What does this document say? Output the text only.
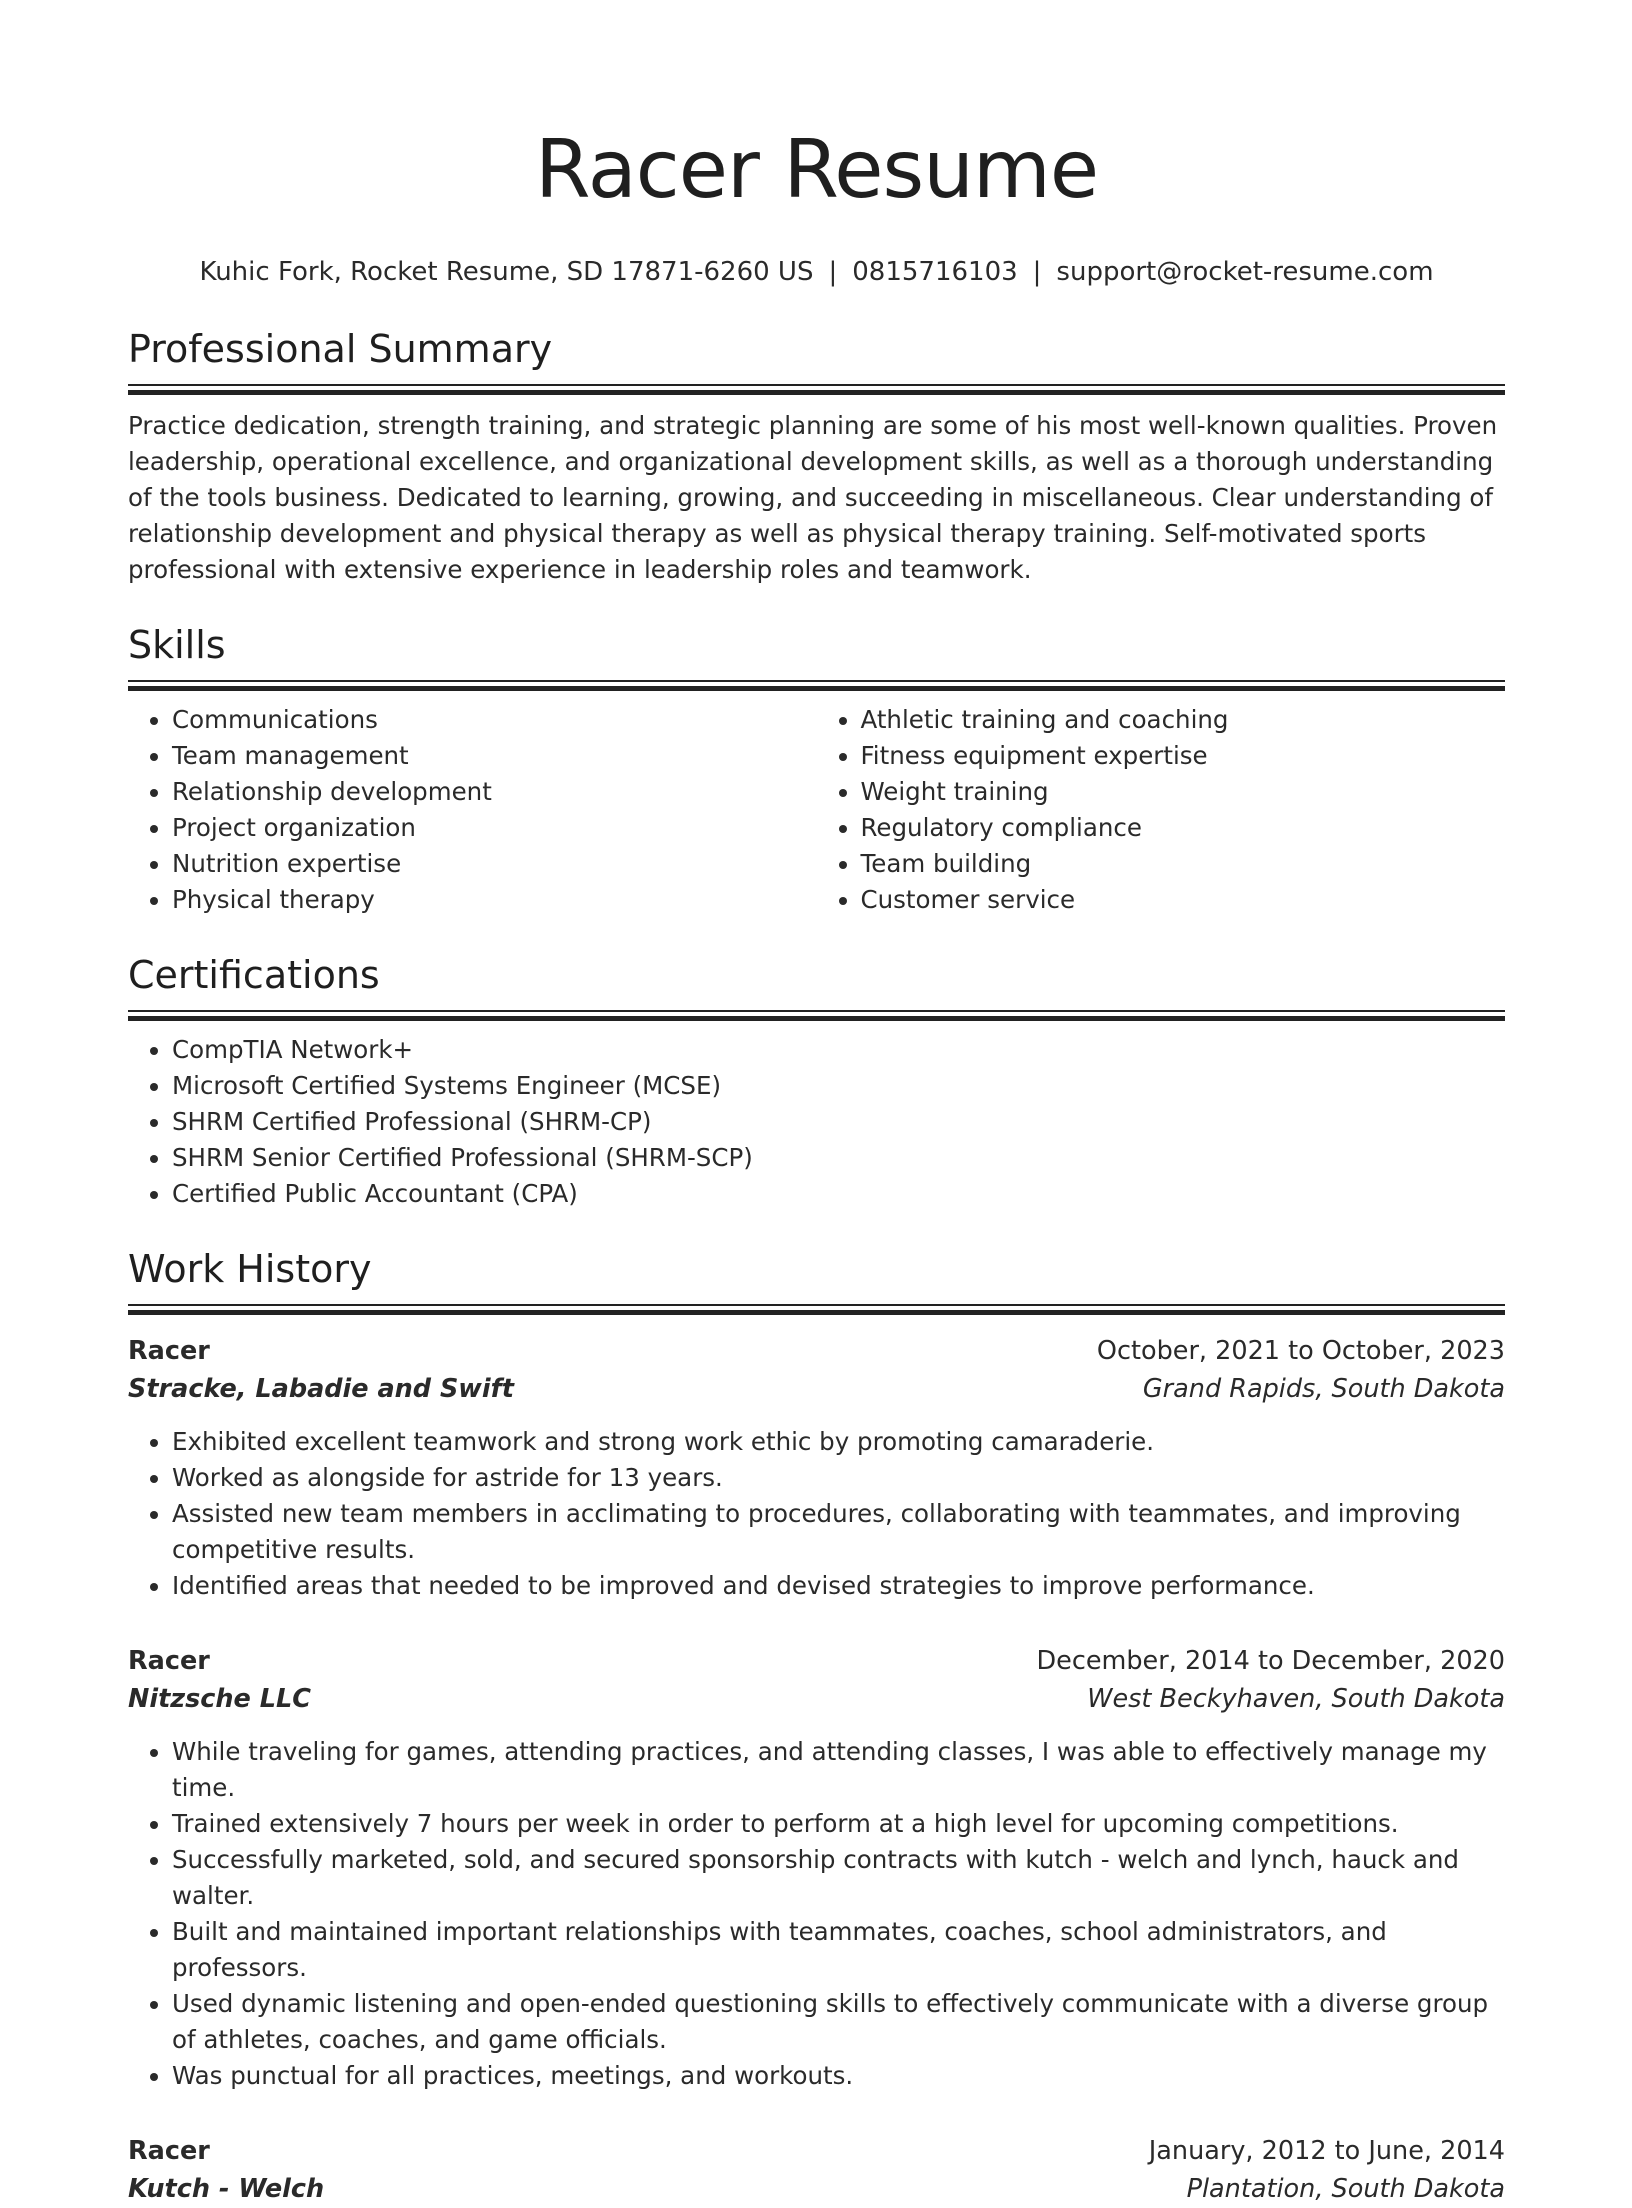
Racer Resume
Kuhic Fork, Rocket Resume, SD 17871-6260 US | 0815716103 | support@rocket-resume.com
Professional Summary

Practice dedication, strength training, and strategic planning are some of his most well-known qualities. Proven leadership, operational excellence, and organizational development skills, as well as a thorough understanding of the tools business. Dedicated to learning, growing, and succeeding in miscellaneous. Clear understanding of relationship development and physical therapy as well as physical therapy training. Self-motivated sports professional with extensive experience in leadership roles and teamwork.

Skills
• Communications
• Team management
• Relationship development
• Project organization
• Nutrition expertise
• Physical therapy
• Athletic training and coaching
• Fitness equipment expertise
• Weight training
• Regulatory compliance
• Team building
• Customer service
Certifications
• CompTIA Network+
• Microsoft Certified Systems Engineer (MCSE)
• SHRM Certified Professional (SHRM-CP)
• SHRM Senior Certified Professional (SHRM-SCP)
• Certified Public Accountant (CPA)
Work History
Racer	October, 2021 to October, 2023
Stracke, Labadie and Swift	Grand Rapids, South Dakota
• Exhibited excellent teamwork and strong work ethic by promoting camaraderie.
• Worked as alongside for astride for 13 years.
• Assisted new team members in acclimating to procedures, collaborating with teammates, and improving competitive results.
• Identified areas that needed to be improved and devised strategies to improve performance.
Racer	December, 2014 to December, 2020
Nitzsche LLC	West Beckyhaven, South Dakota
• While traveling for games, attending practices, and attending classes, I was able to effectively manage my time.
• Trained extensively 7 hours per week in order to perform at a high level for upcoming competitions.
• Successfully marketed, sold, and secured sponsorship contracts with kutch - welch and lynch, hauck and walter.
• Built and maintained important relationships with teammates, coaches, school administrators, and professors.
• Used dynamic listening and open-ended questioning skills to effectively communicate with a diverse group of athletes, coaches, and game officials.
• Was punctual for all practices, meetings, and workouts.
Racer	January, 2012 to June, 2014
Kutch - Welch	Plantation, South Dakota
